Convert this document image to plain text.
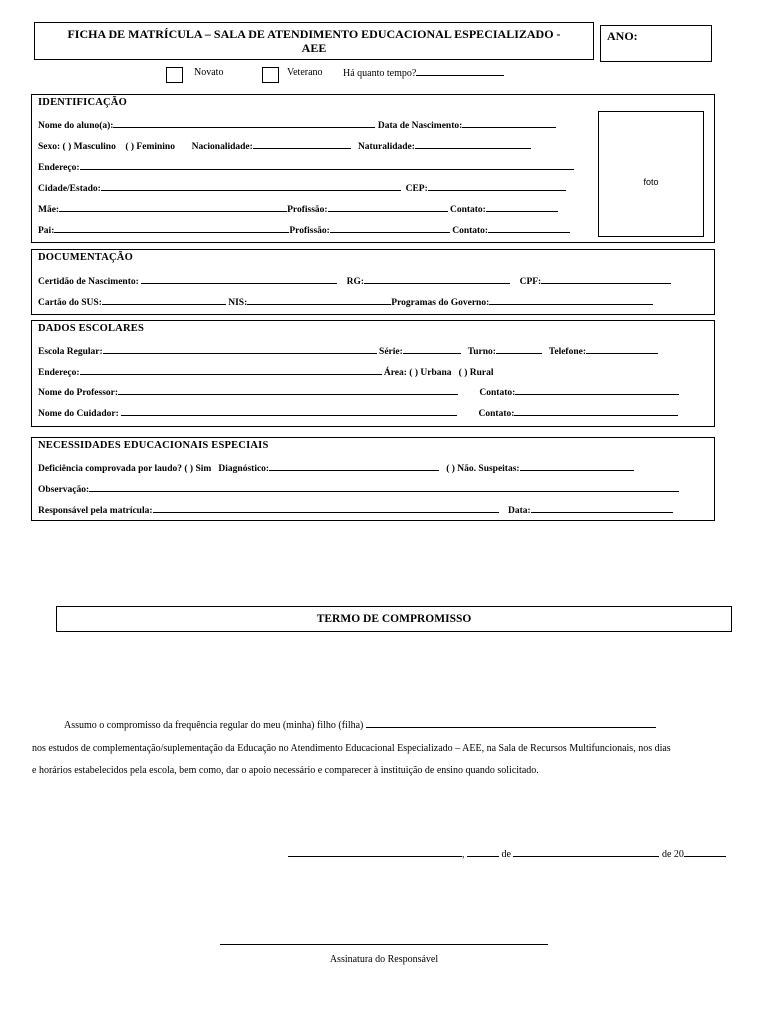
FICHA DE MATRÍCULA – SALA DE ATENDIMENTO EDUCACIONAL ESPECIALIZADO -
AEE
ANO:
Novato	Veterano Há quanto tempo?
IDENTIFICAÇÃO
foto
Nome do aluno(a):	Data de Nascimento:
Sexo: ( ) Masculino ( ) Feminino Nacionalidade:	Naturalidade:
Endereço:
Cidade/Estado:	CEP:
Mãe:	Profissão:	Contato:
Pai:	Profissão:	Contato:
DOCUMENTAÇÃO
Certidão de Nascimento:	RG:	CPF:
Cartão do SUS:	NIS:	Programas do Governo:
DADOS ESCOLARES
Escola Regular:	Série:	Turno:	Telefone:
Endereço:	Área: ( ) Urbana ( ) Rural
Nome do Professor:	Contato:
Nome do Cuidador:	Contato:
NECESSIDADES EDUCACIONAIS ESPECIAIS
Deficiência comprovada por laudo? ( ) Sim Diagnóstico:	( ) Não. Suspeitas:
Observação:
Responsável pela matrícula:	Data:
TERMO DE COMPROMISSO
Assumo o compromisso da frequência regular do meu (minha) filho (filha)
nos estudos de complementação/suplementação da Educação no Atendimento Educacional Especializado – AEE, na Sala de Recursos Multifuncionais, nos dias
e horários estabelecidos pela escola, bem como, dar o apoio necessário e comparecer à instituição de ensino quando solicitado.
,	de	de 20
Assinatura do Responsável
